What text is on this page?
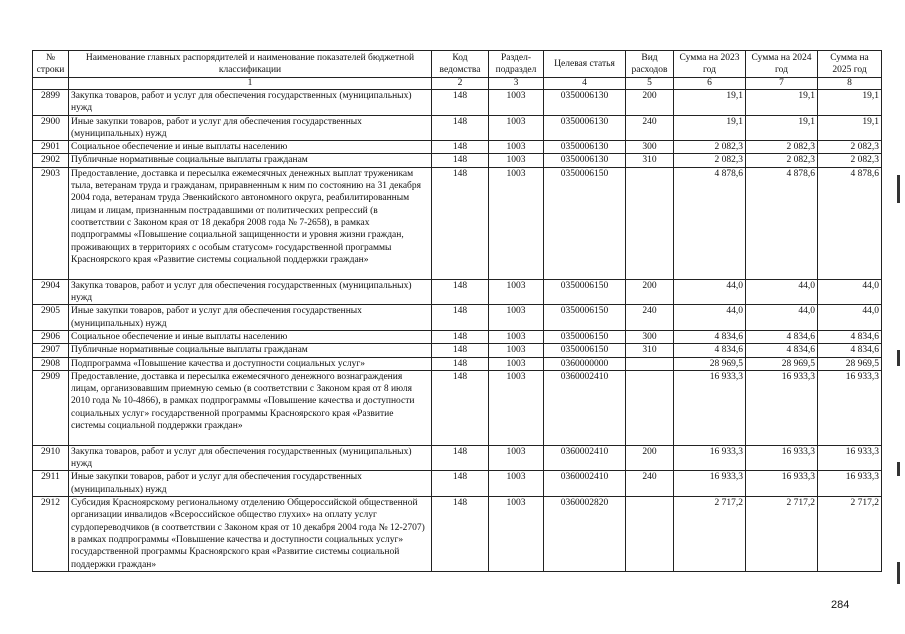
№ строки	Наименование главных распорядителей и наименование показателей бюджетной классификации	Код ведомства	Раздел-подраздел	Целевая статья	Вид расходов	Сумма на 2023 год	Сумма на 2024 год	Сумма на 2025 год
	1	2	3	4	5	6	7	8
2899	Закупка товаров, работ и услуг для обеспечения государственных (муниципальных) нужд	148	1003	0350006130	200	19,1	19,1	19,1
2900	Иные закупки товаров, работ и услуг для обеспечения государственных (муниципальных) нужд	148	1003	0350006130	240	19,1	19,1	19,1
2901	Социальное обеспечение и иные выплаты населению	148	1003	0350006130	300	2 082,3	2 082,3	2 082,3
2902	Публичные нормативные социальные выплаты гражданам	148	1003	0350006130	310	2 082,3	2 082,3	2 082,3
2903	Предоставление, доставка и пересылка ежемесячных денежных выплат труженикам тыла, ветеранам труда и гражданам, приравненным к ним по состоянию на 31 декабря 2004 года, ветеранам труда Эвенкийского автономного округа, реабилитированным лицам и лицам, признанным пострадавшими от политических репрессий (в соответствии с Законом края от 18 декабря 2008 года № 7-2658), в рамках подпрограммы «Повышение социальной защищенности и уровня жизни граждан, проживающих в территориях с особым статусом» государственной программы Красноярского края «Развитие системы социальной поддержки граждан»	148	1003	0350006150		4 878,6	4 878,6	4 878,6
2904	Закупка товаров, работ и услуг для обеспечения государственных (муниципальных) нужд	148	1003	0350006150	200	44,0	44,0	44,0
2905	Иные закупки товаров, работ и услуг для обеспечения государственных (муниципальных) нужд	148	1003	0350006150	240	44,0	44,0	44,0
2906	Социальное обеспечение и иные выплаты населению	148	1003	0350006150	300	4 834,6	4 834,6	4 834,6
2907	Публичные нормативные социальные выплаты гражданам	148	1003	0350006150	310	4 834,6	4 834,6	4 834,6
2908	Подпрограмма «Повышение качества и доступности социальных услуг»	148	1003	0360000000		28 969,5	28 969,5	28 969,5
2909	Предоставление, доставка и пересылка ежемесячного денежного вознаграждения лицам, организовавшим приемную семью (в соответствии с Законом края от 8 июля 2010 года № 10-4866), в рамках подпрограммы «Повышение качества и доступности социальных услуг» государственной программы Красноярского края «Развитие системы социальной поддержки граждан»	148	1003	0360002410		16 933,3	16 933,3	16 933,3
2910	Закупка товаров, работ и услуг для обеспечения государственных (муниципальных) нужд	148	1003	0360002410	200	16 933,3	16 933,3	16 933,3
2911	Иные закупки товаров, работ и услуг для обеспечения государственных (муниципальных) нужд	148	1003	0360002410	240	16 933,3	16 933,3	16 933,3
2912	Субсидия Красноярскому региональному отделению Общероссийской общественной организации инвалидов «Всероссийское общество глухих» на оплату услуг сурдопереводчиков (в соответствии с Законом края от 10 декабря 2004 года № 12-2707) в рамках подпрограммы «Повышение качества и доступности социальных услуг» государственной программы Красноярского края «Развитие системы социальной поддержки граждан»	148	1003	0360002820		2 717,2	2 717,2	2 717,2
284
